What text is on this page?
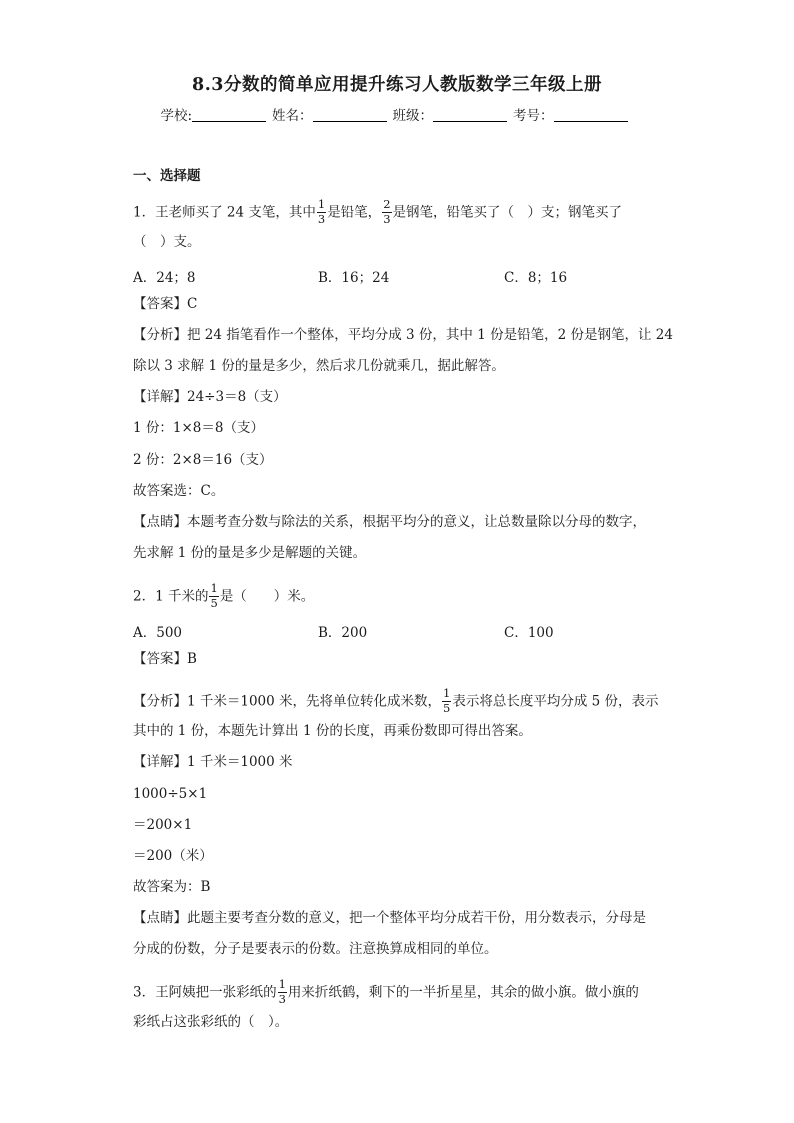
8.3分数的简单应用提升练习人教版数学三年级上册
学校:	姓名：	班级：	考号：
一、选择题
1．王老师买了 24 支笔，其中 $\frac{1}{3}$ 是铅笔， $\frac{2}{3}$ 是钢笔，铅笔买了（　）支；钢笔买了
（　）支。
A．24；8	B．16；24	C．8；16
【答案】C
【分析】把 24 指笔看作一个整体，平均分成 3 份，其中 1 份是铅笔，2 份是钢笔，让 24
除以 3 求解 1 份的量是多少，然后求几份就乘几，据此解答。
【详解】24÷3＝8（支）
1 份：1×8＝8（支）
2 份：2×8＝16（支）
故答案选：C。
【点睛】本题考查分数与除法的关系，根据平均分的意义，让总数量除以分母的数字，
先求解 1 份的量是多少是解题的关键。
2．1 千米的 $\frac{1}{5}$ 是（　　）米。
A．500	B．200	C．100
【答案】B
【分析】1 千米＝1000 米，先将单位转化成米数， $\frac{1}{5}$ 表示将总长度平均分成 5 份，表示
其中的 1 份，本题先计算出 1 份的长度，再乘份数即可得出答案。
【详解】1 千米＝1000 米
1000÷5×1
＝200×1
＝200（米）
故答案为：B
【点睛】此题主要考查分数的意义，把一个整体平均分成若干份，用分数表示，分母是
分成的份数，分子是要表示的份数。注意换算成相同的单位。
3．王阿姨把一张彩纸的 $\frac{1}{3}$ 用来折纸鹤，剩下的一半折星星，其余的做小旗。做小旗的
彩纸占这张彩纸的（　）。
